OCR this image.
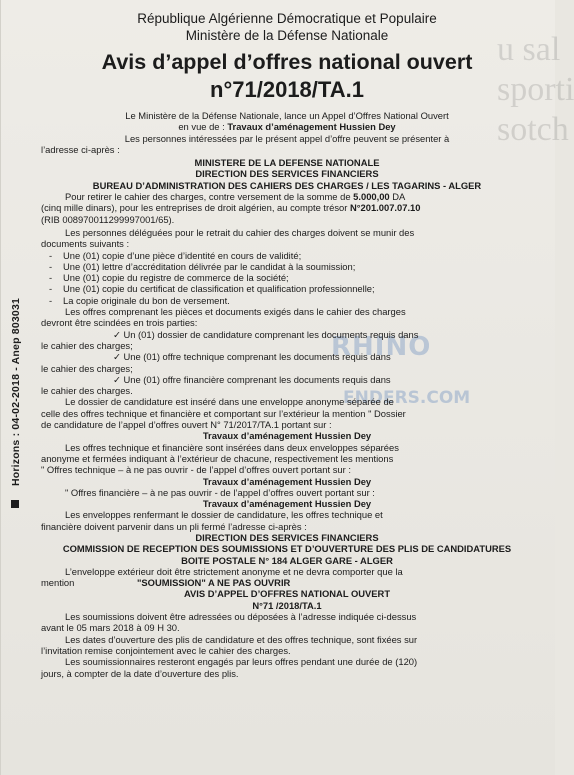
u sal
sporti
sotch
Horizons : 04-02-2018 - Anep 803031	RHINO
ENDERS.COM
République Algérienne Démocratique et Populaire
Ministère de la Défense Nationale
Avis d’appel d’offres national ouvert
n°71/2018/TA.1
Le Ministère de la Défense Nationale, lance un Appel d’Offres National Ouvert
en vue de : Travaux d’aménagement Hussien Dey
Les personnes intéressées par le présent appel d’offre peuvent se présenter à
l’adresse ci-après :
MINISTERE DE LA DEFENSE NATIONALE
DIRECTION DES SERVICES FINANCIERS
BUREAU D’ADMINISTRATION DES CAHIERS DES CHARGES / LES TAGARINS - ALGER
Pour retirer le cahier des charges, contre versement de la somme de 5.000,00 DA
(cinq mille dinars), pour les entreprises de droit algérien, au compte trésor N°201.007.07.10
(RIB 008970011299997001/65).
Les personnes déléguées pour le retrait du cahier des charges doivent se munir des
documents suivants :
- Une (01) copie d’une pièce d’identité en cours de validité;
- Une (01) lettre d’accréditation délivrée par le candidat à la soumission;
- Une (01) copie du registre de commerce de la société;
- Une (01) copie du certificat de classification et qualification professionnelle;
- La copie originale du bon de versement.
Les offres comprenant les pièces et documents exigés dans le cahier des charges
devront être scindées en trois parties:
✓ Un (01) dossier de candidature comprenant les documents requis dans
le cahier des charges;
✓ Une (01) offre technique comprenant les documents requis dans
le cahier des charges;
✓ Une (01) offre financière comprenant les documents requis dans
le cahier des charges.
Le dossier de candidature est inséré dans une enveloppe anonyme séparée de
celle des offres technique et financière et comportant sur l’extérieur la mention " Dossier
de candidature de l’appel d’offres ouvert N° 71/2017/TA.1 portant sur :
Travaux d’aménagement Hussien Dey
Les offres technique et financière sont insérées dans deux enveloppes séparées
anonyme et fermées indiquant à l’extérieur de chacune, respectivement les mentions
" Offres technique – à ne pas ouvrir - de l’appel d’offres ouvert portant sur :
Travaux d’aménagement Hussien Dey
" Offres financière – à ne pas ouvrir - de l’appel d’offres ouvert portant sur :
Travaux d’aménagement Hussien Dey
Les enveloppes renfermant le dossier de candidature, les offres technique et
financière doivent parvenir dans un pli fermé l’adresse ci-après :
DIRECTION DES SERVICES FINANCIERS
COMMISSION DE RECEPTION DES SOUMISSIONS ET D’OUVERTURE DES PLIS DE CANDIDATURES
BOITE POSTALE N° 184 ALGER GARE - ALGER
L’enveloppe extérieur doit être strictement anonyme et ne devra comporter que la
mention	"SOUMISSION" A NE PAS OUVRIR
AVIS D’APPEL D’OFFRES NATIONAL OUVERT
N°71 /2018/TA.1
Les soumissions doivent être adressées ou déposées à l’adresse indiquée ci-dessus
avant le 05 mars 2018 à 09 H 30.
Les dates d’ouverture des plis de candidature et des offres technique, sont fixées sur
l’invitation remise conjointement avec le cahier des charges.
Les soumissionnaires resteront engagés par leurs offres pendant une durée de (120)
jours, à compter de la date d’ouverture des plis.
